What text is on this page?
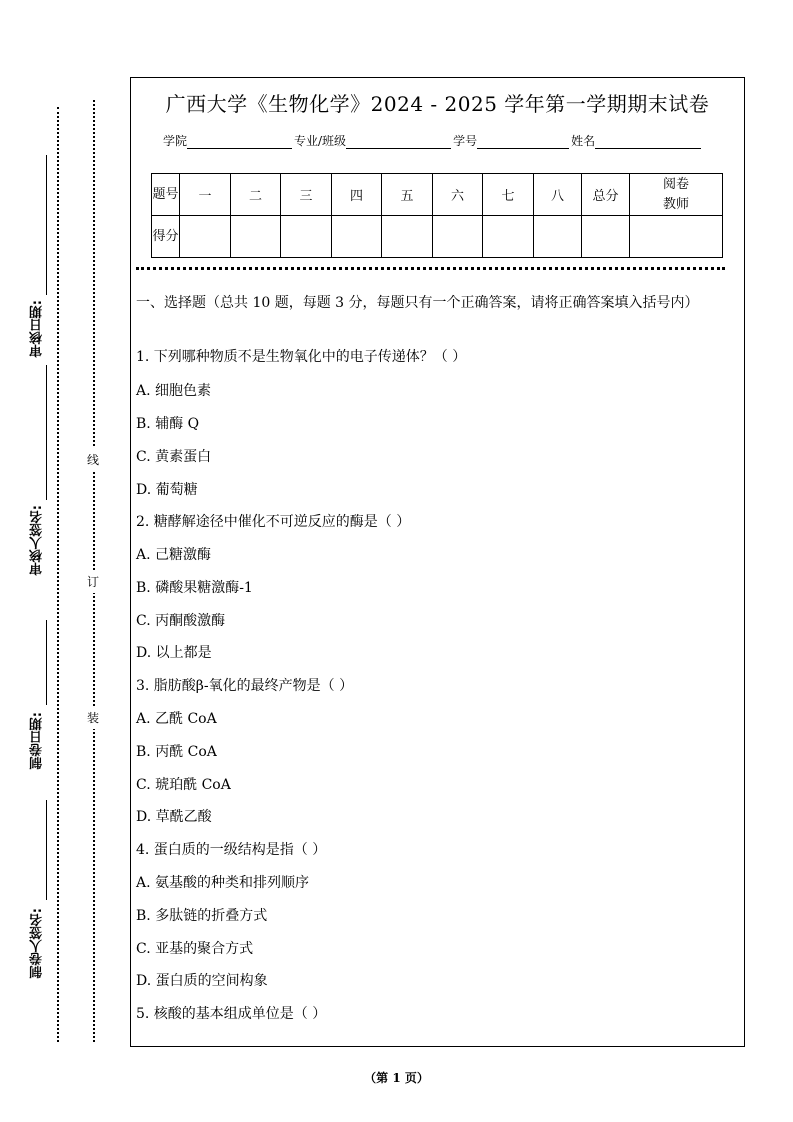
审核日期:
审核人签名:
制卷日期:
制卷人签名:
线
订
装
广西大学《生物化学》2024 - 2025 学年第一学期期末试卷
学院	专业/班级	学号	姓名
题号	一	二	三	四	五	六	七	八	总分	阅卷教师
得分										
一、选择题（总共 10 题，每题 3 分，每题只有一个正确答案，请将正确答案填入括号内）
1. 下列哪种物质不是生物氧化中的电子传递体？（ ）
A. 细胞色素
B. 辅酶 Q
C. 黄素蛋白
D. 葡萄糖
2. 糖酵解途径中催化不可逆反应的酶是（ ）
A. 己糖激酶
B. 磷酸果糖激酶-1
C. 丙酮酸激酶
D. 以上都是
3. 脂肪酸β-氧化的最终产物是（ ）
A. 乙酰 CoA
B. 丙酰 CoA
C. 琥珀酰 CoA
D. 草酰乙酸
4. 蛋白质的一级结构是指（ ）
A. 氨基酸的种类和排列顺序
B. 多肽链的折叠方式
C. 亚基的聚合方式
D. 蛋白质的空间构象
5. 核酸的基本组成单位是（ ）
（第 1 页）
